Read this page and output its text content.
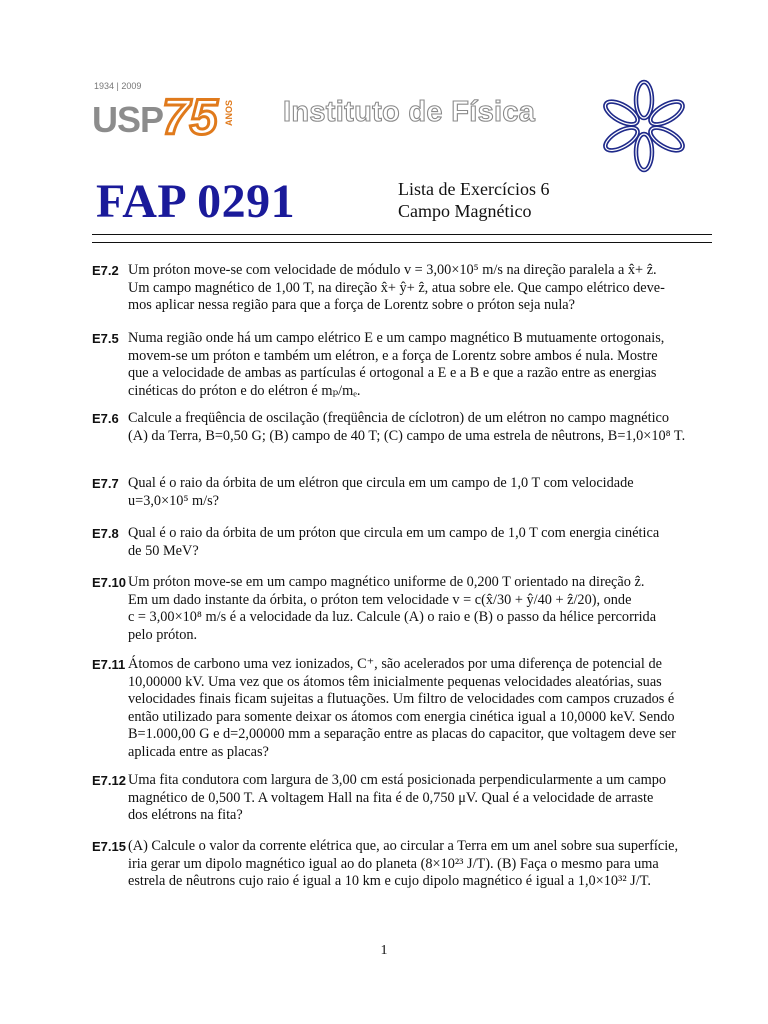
1934 | 2009
USP
75 ANOS Instituto de Física
FAP 0291	Lista de Exercícios 6
Campo Magnético
E7.2 Um próton move-se com velocidade de módulo v = 3,00×10⁵ m/s na direção paralela a x̂+ ẑ.
Um campo magnético de 1,00 T, na direção x̂+ ŷ+ ẑ, atua sobre ele. Que campo elétrico deve-
mos aplicar nessa região para que a força de Lorentz sobre o próton seja nula?
E7.5 Numa região onde há um campo elétrico E e um campo magnético B mutuamente ortogonais,
movem-se um próton e também um elétron, e a força de Lorentz sobre ambos é nula. Mostre
que a velocidade de ambas as partículas é ortogonal a E e a B e que a razão entre as energias
cinéticas do próton e do elétron é mₚ/mₑ.
E7.6 Calcule a freqüência de oscilação (freqüência de cíclotron) de um elétron no campo magnético
(A) da Terra, B=0,50 G; (B) campo de 40 T; (C) campo de uma estrela de nêutrons, B=1,0×10⁸ T.
E7.7 Qual é o raio da órbita de um elétron que circula em um campo de 1,0 T com velocidade
u=3,0×10⁵ m/s?
E7.8 Qual é o raio da órbita de um próton que circula em um campo de 1,0 T com energia cinética
de 50 MeV?
E7.10 Um próton move-se em um campo magnético uniforme de 0,200 T orientado na direção ẑ.
Em um dado instante da órbita, o próton tem velocidade v = c(x̂/30 + ŷ/40 + ẑ/20), onde
c = 3,00×10⁸ m/s é a velocidade da luz. Calcule (A) o raio e (B) o passo da hélice percorrida
pelo próton.
E7.11 Átomos de carbono uma vez ionizados, C⁺, são acelerados por uma diferença de potencial de
10,00000 kV. Uma vez que os átomos têm inicialmente pequenas velocidades aleatórias, suas
velocidades finais ficam sujeitas a flutuações. Um filtro de velocidades com campos cruzados é
então utilizado para somente deixar os átomos com energia cinética igual a 10,0000 keV. Sendo
B=1.000,00 G e d=2,00000 mm a separação entre as placas do capacitor, que voltagem deve ser
aplicada entre as placas?
E7.12 Uma fita condutora com largura de 3,00 cm está posicionada perpendicularmente a um campo
magnético de 0,500 T. A voltagem Hall na fita é de 0,750 μV. Qual é a velocidade de arraste
dos elétrons na fita?
E7.15 (A) Calcule o valor da corrente elétrica que, ao circular a Terra em um anel sobre sua superfície,
iria gerar um dipolo magnético igual ao do planeta (8×10²³ J/T). (B) Faça o mesmo para uma
estrela de nêutrons cujo raio é igual a 10 km e cujo dipolo magnético é igual a 1,0×10³² J/T.
1
